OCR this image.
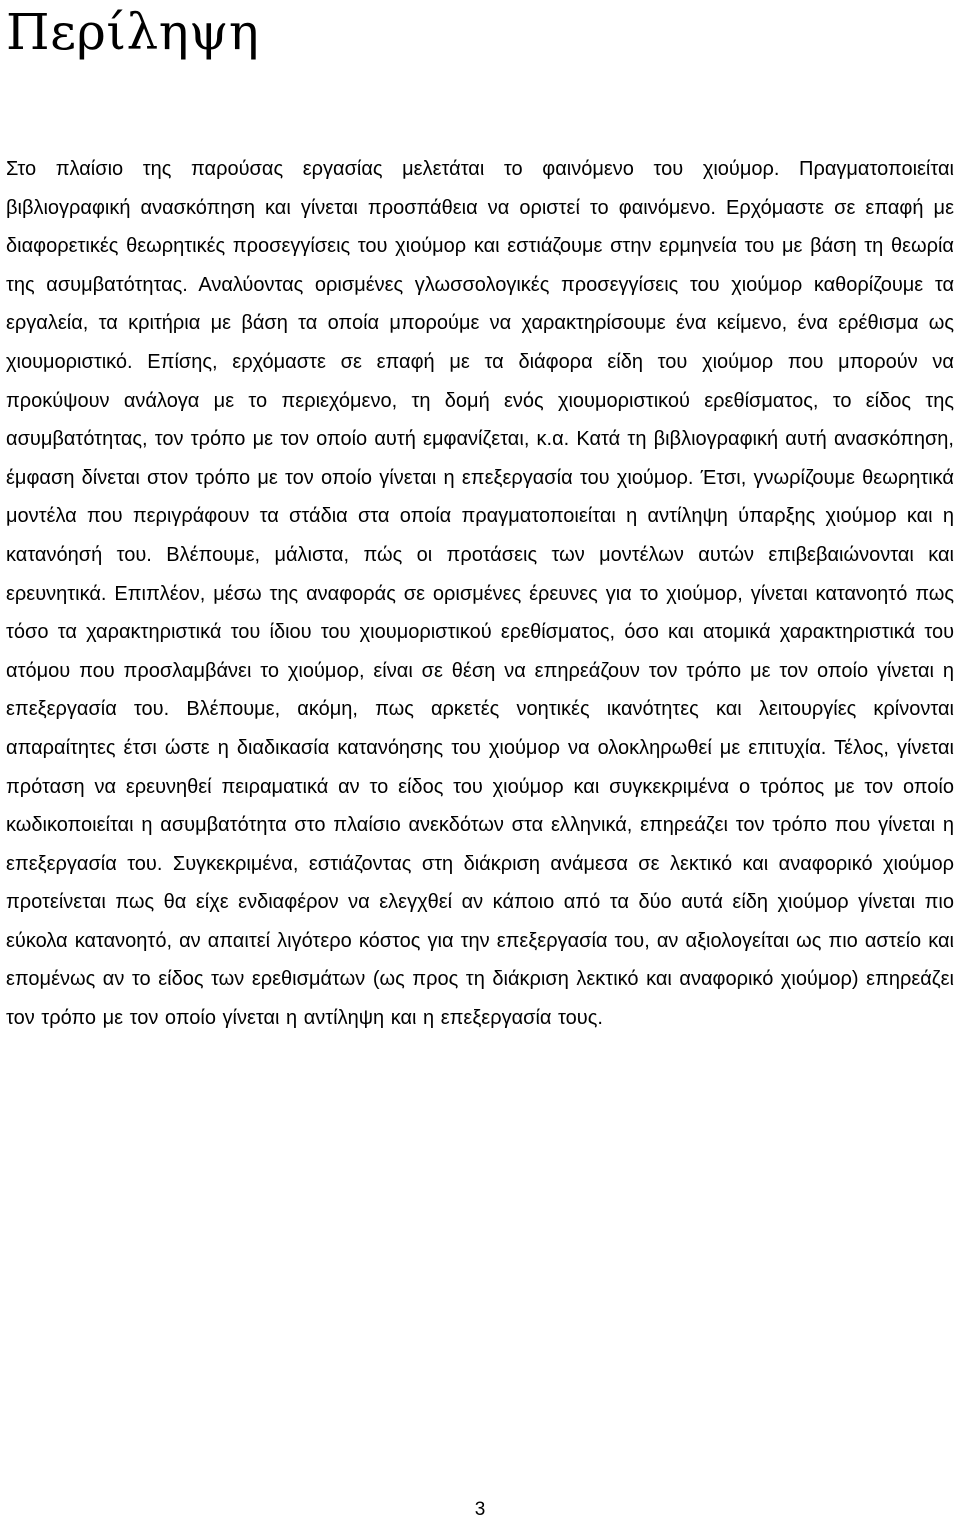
Περίληψη

Στο πλαίσιο της παρούσας εργασίας μελετάται το φαινόμενο του χιούμορ. Πραγματοποιείται βιβλιογραφική ανασκόπηση και γίνεται προσπάθεια να οριστεί το φαινόμενο. Ερχόμαστε σε επαφή με διαφορετικές θεωρητικές προσεγγίσεις του χιούμορ και εστιάζουμε στην ερμηνεία του με βάση τη θεωρία της ασυμβατότητας. Αναλύοντας ορισμένες γλωσσολογικές προσεγγίσεις του χιούμορ καθορίζουμε τα εργαλεία, τα κριτήρια με βάση τα οποία μπορούμε να χαρακτηρίσουμε ένα κείμενο, ένα ερέθισμα ως χιουμοριστικό. Επίσης, ερχόμαστε σε επαφή με τα διάφορα είδη του χιούμορ που μπορούν να προκύψουν ανάλογα με το περιεχόμενο, τη δομή ενός χιουμοριστικού ερεθίσματος, το είδος της ασυμβατότητας, τον τρόπο με τον οποίο αυτή εμφανίζεται, κ.α. Κατά τη βιβλιογραφική αυτή ανασκόπηση, έμφαση δίνεται στον τρόπο με τον οποίο γίνεται η επεξεργασία του χιούμορ. Έτσι, γνωρίζουμε θεωρητικά μοντέλα που περιγράφουν τα στάδια στα οποία πραγματοποιείται η αντίληψη ύπαρξης χιούμορ και η κατανόησή του. Βλέπουμε, μάλιστα, πώς οι προτάσεις των μοντέλων αυτών επιβεβαιώνονται και ερευνητικά. Επιπλέον, μέσω της αναφοράς σε ορισμένες έρευνες για το χιούμορ, γίνεται κατανοητό πως τόσο τα χαρακτηριστικά του ίδιου του χιουμοριστικού ερεθίσματος, όσο και ατομικά χαρακτηριστικά του ατόμου που προσλαμβάνει το χιούμορ, είναι σε θέση να επηρεάζουν τον τρόπο με τον οποίο γίνεται η επεξεργασία του. Βλέπουμε, ακόμη, πως αρκετές νοητικές ικανότητες και λειτουργίες κρίνονται απαραίτητες έτσι ώστε η διαδικασία κατανόησης του χιούμορ να ολοκληρωθεί με επιτυχία. Τέλος, γίνεται πρόταση να ερευνηθεί πειραματικά αν το είδος του χιούμορ και συγκεκριμένα ο τρόπος με τον οποίο κωδικοποιείται η ασυμβατότητα στο πλαίσιο ανεκδότων στα ελληνικά, επηρεάζει τον τρόπο που γίνεται η επεξεργασία του. Συγκεκριμένα, εστιάζοντας στη διάκριση ανάμεσα σε λεκτικό και αναφορικό χιούμορ προτείνεται πως θα είχε ενδιαφέρον να ελεγχθεί αν κάποιο από τα δύο αυτά είδη χιούμορ γίνεται πιο εύκολα κατανοητό, αν απαιτεί λιγότερο κόστος για την επεξεργασία του, αν αξιολογείται ως πιο αστείο και επομένως αν το είδος των ερεθισμάτων (ως προς τη διάκριση λεκτικό και αναφορικό χιούμορ) επηρεάζει τον τρόπο με τον οποίο γίνεται η αντίληψη και η επεξεργασία τους.

3
